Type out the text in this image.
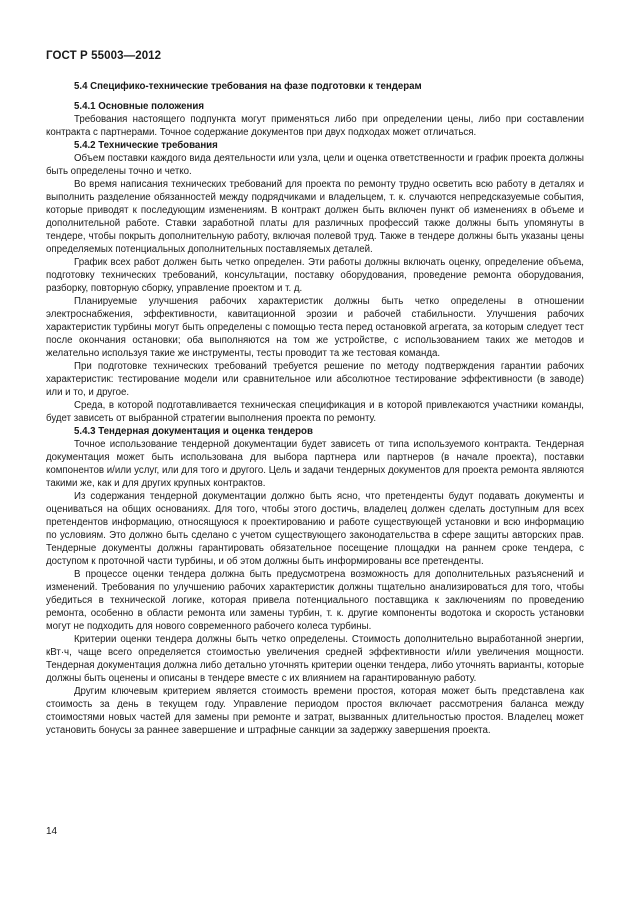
ГОСТ Р 55003—2012
5.4 Специфико-технические требования на фазе подготовки к тендерам
5.4.1 Основные положения

Требования настоящего подпункта могут применяться либо при определении цены, либо при составлении контракта с партнерами. Точное содержание документов при двух подходах может отличаться.

5.4.2 Технические требования

Объем поставки каждого вида деятельности или узла, цели и оценка ответственности и график проекта должны быть определены точно и четко.

Во время написания технических требований для проекта по ремонту трудно осветить всю работу в деталях и выполнить разделение обязанностей между подрядчиками и владельцем, т. к. случаются непредсказуемые события, которые приводят к последующим изменениям. В контракт должен быть включен пункт об изменениях в объеме и дополнительной работе. Ставки заработной платы для различных профессий также должны быть упомянуты в тендере, чтобы покрыть дополнительную работу, включая полевой труд. Также в тендере должны быть указаны цены определяемых потенциальных дополнительных поставляемых деталей.

График всех работ должен быть четко определен. Эти работы должны включать оценку, определение объема, подготовку технических требований, консультации, поставку оборудования, проведение ремонта оборудования, разборку, повторную сборку, управление проектом и т. д.

Планируемые улучшения рабочих характеристик должны быть четко определены в отношении электроснабжения, эффективности, кавитационной эрозии и рабочей стабильности. Улучшения рабочих характеристик турбины могут быть определены с помощью теста перед остановкой агрегата, за которым следует тест после окончания остановки; оба выполняются на том же устройстве, с использованием таких же методов и желательно используя такие же инструменты, тесты проводит та же тестовая команда.

При подготовке технических требований требуется решение по методу подтверждения гарантии рабочих характеристик: тестирование модели или сравнительное или абсолютное тестирование эффективности (в заводе) или и то, и другое.

Среда, в которой подготавливается техническая спецификация и в которой привлекаются участники команды, будет зависеть от выбранной стратегии выполнения проекта по ремонту.

5.4.3 Тендерная документация и оценка тендеров

Точное использование тендерной документации будет зависеть от типа используемого контракта. Тендерная документация может быть использована для выбора партнера или партнеров (в начале проекта), поставки компонентов и/или услуг, или для того и другого. Цель и задачи тендерных документов для проекта ремонта являются такими же, как и для других крупных контрактов.

Из содержания тендерной документации должно быть ясно, что претенденты будут подавать документы и оцениваться на общих основаниях. Для того, чтобы этого достичь, владелец должен сделать доступным для всех претендентов информацию, относящуюся к проектированию и работе существующей установки и всю информацию по условиям. Это должно быть сделано с учетом существующего законодательства в сфере защиты авторских прав. Тендерные документы должны гарантировать обязательное посещение площадки на раннем сроке тендера, с доступом к проточной части турбины, и об этом должны быть информированы все претенденты.

В процессе оценки тендера должна быть предусмотрена возможность для дополнительных разъяснений и изменений. Требования по улучшению рабочих характеристик должны тщательно анализироваться для того, чтобы убедиться в технической логике, которая привела потенциального поставщика к заключениям по проведению ремонта, особенно в области ремонта или замены турбин, т. к. другие компоненты водотока и скорость установки могут не подходить для нового современного рабочего колеса турбины.

Критерии оценки тендера должны быть четко определены. Стоимость дополнительно выработанной энергии, кВт·ч, чаще всего определяется стоимостью увеличения средней эффективности и/или увеличения мощности. Тендерная документация должна либо детально уточнять критерии оценки тендера, либо уточнять варианты, которые должны быть оценены и описаны в тендере вместе с их влиянием на гарантированную работу.

Другим ключевым критерием является стоимость времени простоя, которая может быть представлена как стоимость за день в текущем году. Управление периодом простоя включает рассмотрения баланса между стоимостями новых частей для замены при ремонте и затрат, вызванных длительностью простоя. Владелец может установить бонусы за раннее завершение и штрафные санкции за задержку завершения проекта.

14
